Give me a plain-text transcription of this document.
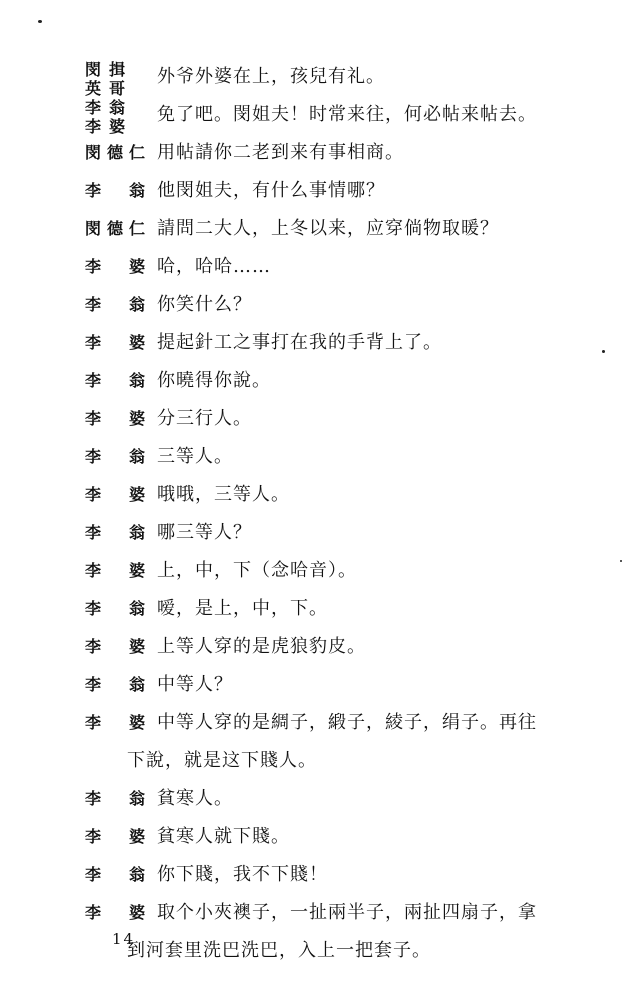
閔揖
英哥
外爷外婆在上，孩兒有礼。
李翁
李婆
免了吧。閔姐夫！时常来往，何必帖来帖去。
閔德仁 用帖請你二老到来有事相商。
李　翁 他閔姐夫，有什么事情哪？
閔德仁 請問二大人，上冬以来，应穿倘物取暖？
李　婆 哈，哈哈……
李　翁 你笑什么？
李　婆 提起針工之事打在我的手背上了。
李　翁 你曉得你說。
李　婆 分三行人。
李　翁 三等人。
李　婆 哦哦，三等人。
李　翁 哪三等人？
李　婆 上，中，下（念哈音）。
李　翁 嗳，是上，中，下。
李　婆 上等人穿的是虎狼豹皮。
李　翁 中等人？
李　婆 中等人穿的是綢子，緞子，綾子，绢子。再往
下說，就是这下賤人。
李　翁 貧寒人。
李　婆 貧寒人就下賤。
李　翁 你下賤，我不下賤！
李　婆 取个小夾襖子，一扯兩半子，兩扯四扇子，拿
到河套里洗巴洗巴，入上一把套子。
14
